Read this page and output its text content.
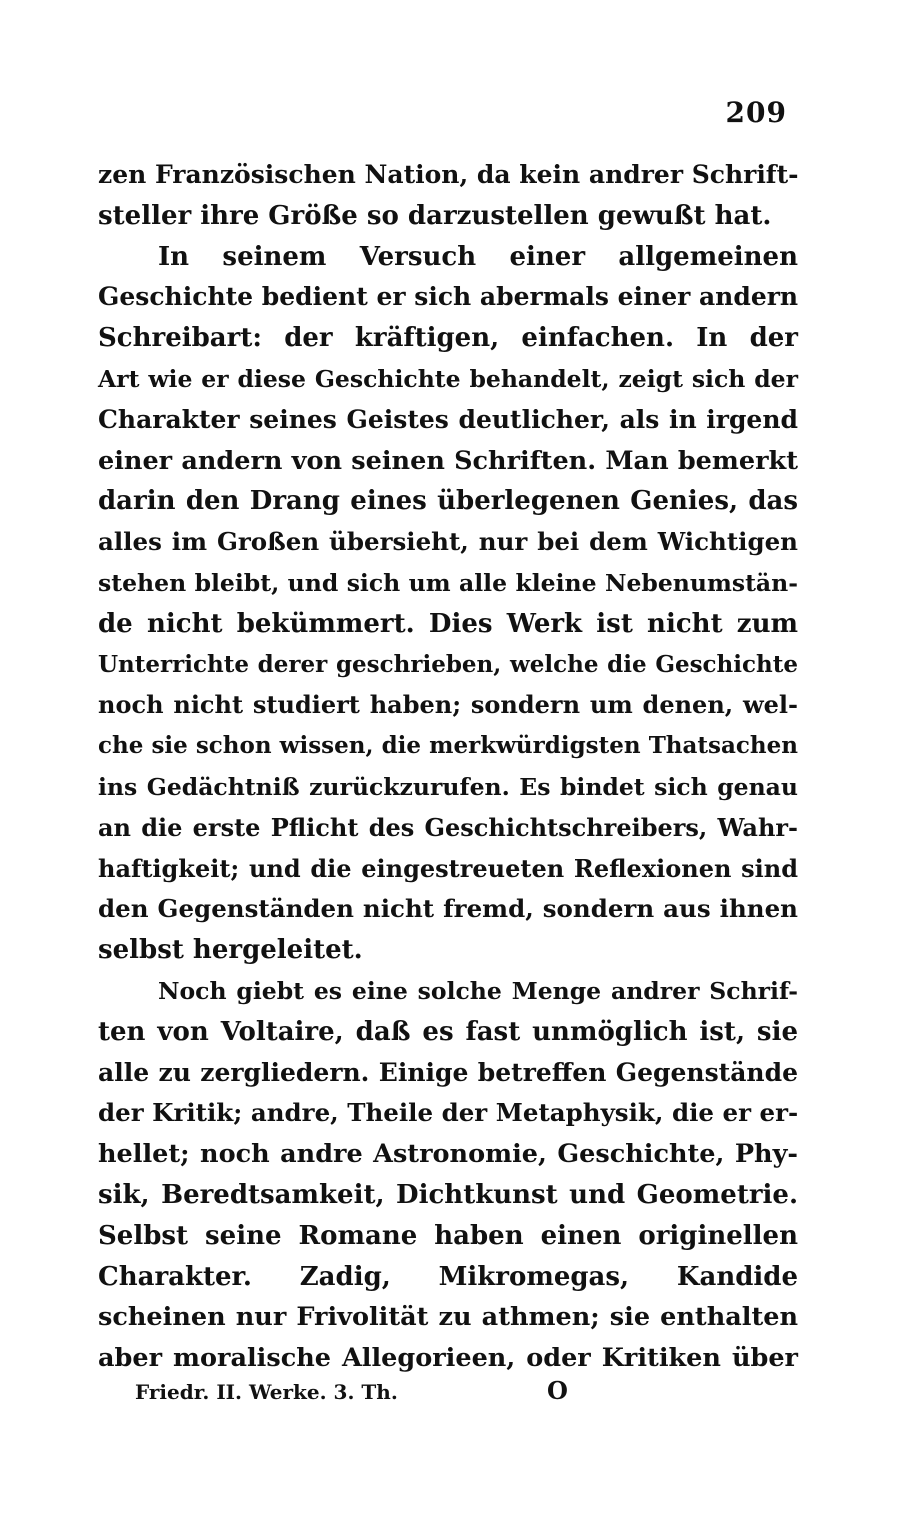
209
zen Französischen Nation, da kein andrer Schrift-
steller ihre Größe so darzustellen gewußt hat.
In seinem Versuch einer allgemeinen
Geschichte bedient er sich abermals einer andern
Schreibart: der kräftigen, einfachen. In der
Art wie er diese Geschichte behandelt, zeigt sich der
Charakter seines Geistes deutlicher, als in irgend
einer andern von seinen Schriften. Man bemerkt
darin den Drang eines überlegenen Genies, das
alles im Großen übersieht, nur bei dem Wichtigen
stehen bleibt, und sich um alle kleine Nebenumstän-
de nicht bekümmert. Dies Werk ist nicht zum
Unterrichte derer geschrieben, welche die Geschichte
noch nicht studiert haben; sondern um denen, wel-
che sie schon wissen, die merkwürdigsten Thatsachen
ins Gedächtniß zurückzurufen. Es bindet sich genau
an die erste Pflicht des Geschichtschreibers, Wahr-
haftigkeit; und die eingestreueten Reflexionen sind
den Gegenständen nicht fremd, sondern aus ihnen
selbst hergeleitet.
Noch giebt es eine solche Menge andrer Schrif-
ten von Voltaire, daß es fast unmöglich ist, sie
alle zu zergliedern. Einige betreffen Gegenstände
der Kritik; andre, Theile der Metaphysik, die er er-
hellet; noch andre Astronomie, Geschichte, Phy-
sik, Beredtsamkeit, Dichtkunst und Geometrie.
Selbst seine Romane haben einen originellen
Charakter. Zadig, Mikromegas, Kandide
scheinen nur Frivolität zu athmen; sie enthalten
aber moralische Allegorieen, oder Kritiken über
Friedr. II. Werke. 3. Th.	O
